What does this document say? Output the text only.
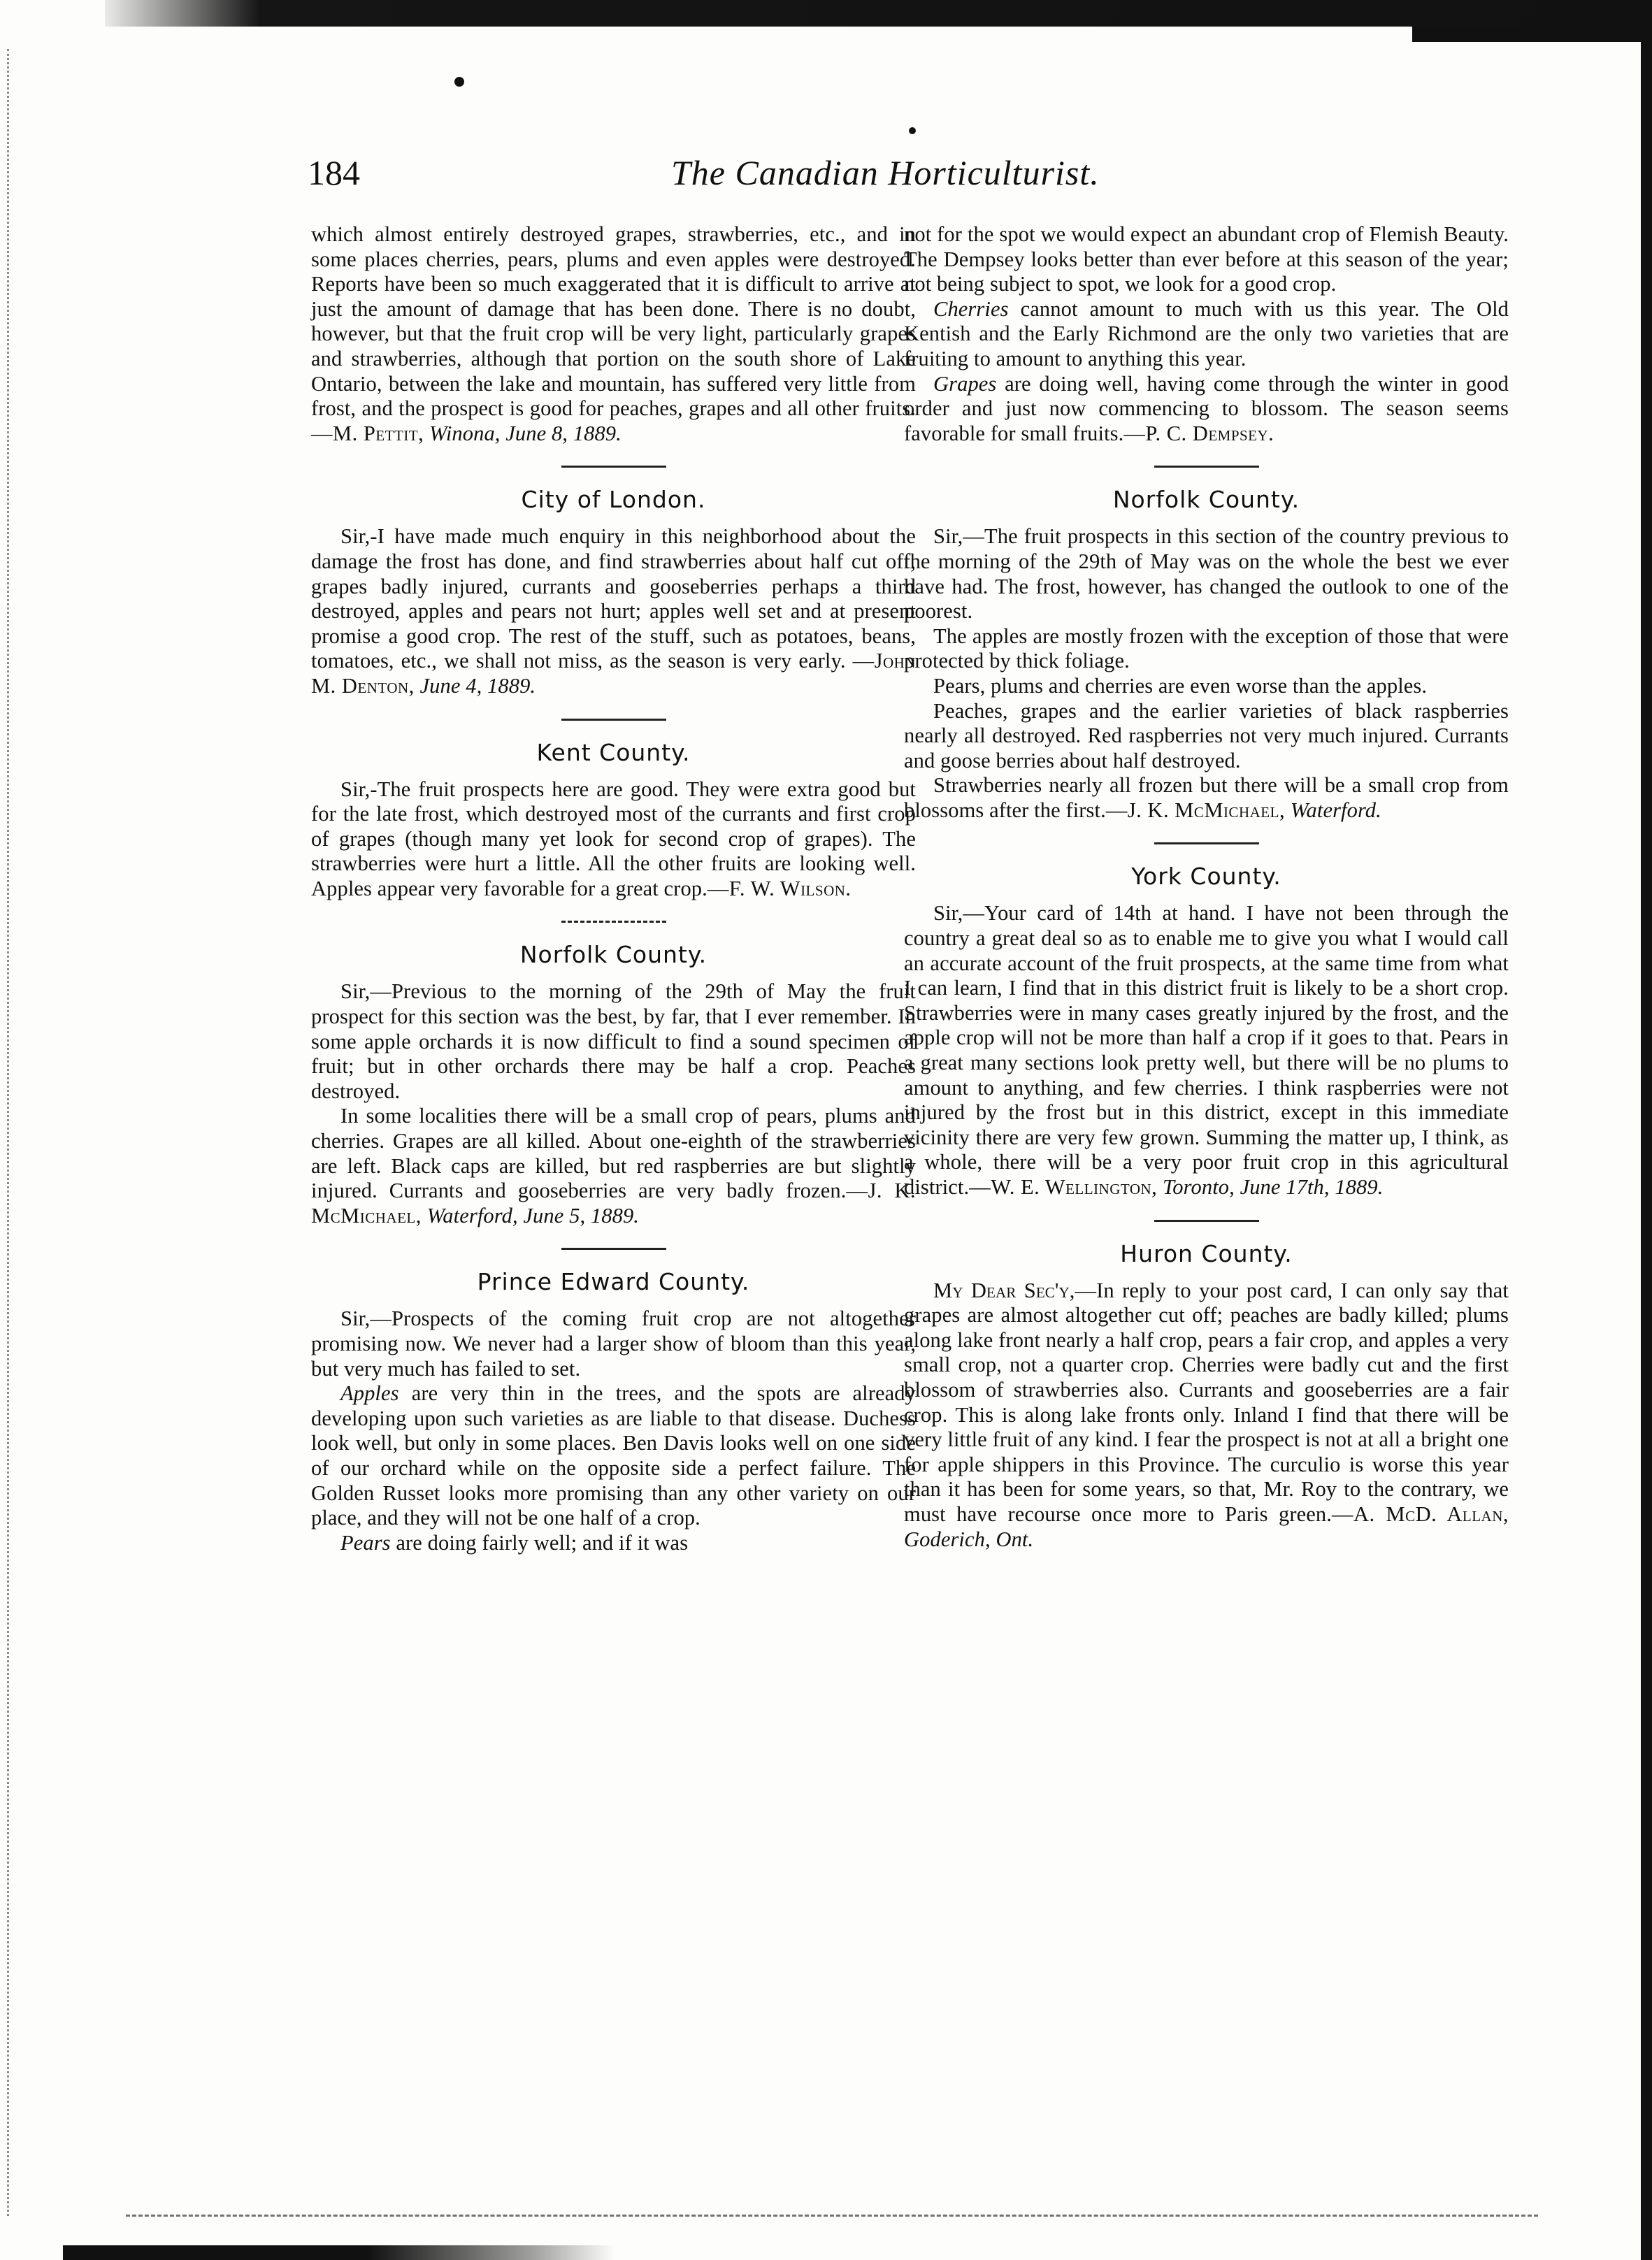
184	The Canadian Horticulturist.

which almost entirely destroyed grapes, strawberries, etc., and in some places cherries, pears, plums and even apples were destroyed. Reports have been so much exaggerated that it is difficult to arrive at just the amount of damage that has been done. There is no doubt, however, but that the fruit crop will be very light, particularly grapes and strawberries, although that portion on the south shore of Lake Ontario, between the lake and mountain, has suffered very little from frost, and the prospect is good for peaches, grapes and all other fruits. —M. Pettit, Winona, June 8, 1889.

City of London.

Sir,-I have made much enquiry in this neighborhood about the damage the frost has done, and find strawberries about half cut off, grapes badly injured, currants and gooseberries perhaps a third destroyed, apples and pears not hurt; apples well set and at present promise a good crop. The rest of the stuff, such as potatoes, beans, tomatoes, etc., we shall not miss, as the season is very early. —John M. Denton, June 4, 1889.

Kent County.

Sir,-The fruit prospects here are good. They were extra good but for the late frost, which destroyed most of the currants and first crop of grapes (though many yet look for second crop of grapes). The strawberries were hurt a little. All the other fruits are looking well. Apples appear very favorable for a great crop.—F. W. Wilson.

Norfolk County.

Sir,—Previous to the morning of the 29th of May the fruit prospect for this section was the best, by far, that I ever remember. In some apple orchards it is now difficult to find a sound specimen of fruit; but in other orchards there may be half a crop. Peaches destroyed.

In some localities there will be a small crop of pears, plums and cherries. Grapes are all killed. About one-eighth of the strawberries are left. Black caps are killed, but red raspberries are but slightly injured. Currants and gooseberries are very badly frozen.—J. K. McMichael, Waterford, June 5, 1889.

Prince Edward County.

Sir,—Prospects of the coming fruit crop are not altogether promising now. We never had a larger show of bloom than this year, but very much has failed to set.

Apples are very thin in the trees, and the spots are already developing upon such varieties as are liable to that disease. Duchess look well, but only in some places. Ben Davis looks well on one side of our orchard while on the opposite side a perfect failure. The Golden Russet looks more promising than any other variety on our place, and they will not be one half of a crop.

Pears are doing fairly well; and if it was

not for the spot we would expect an abundant crop of Flemish Beauty. The Dempsey looks better than ever before at this season of the year; not being subject to spot, we look for a good crop.

Cherries cannot amount to much with us this year. The Old Kentish and the Early Richmond are the only two varieties that are fruiting to amount to anything this year.

Grapes are doing well, having come through the winter in good order and just now commencing to blossom. The season seems favorable for small fruits.—P. C. Dempsey.

Norfolk County.

Sir,—The fruit prospects in this section of the country previous to the morning of the 29th of May was on the whole the best we ever have had. The frost, however, has changed the outlook to one of the poorest.

The apples are mostly frozen with the exception of those that were protected by thick foliage.

Pears, plums and cherries are even worse than the apples.

Peaches, grapes and the earlier varieties of black raspberries nearly all destroyed. Red raspberries not very much injured. Currants and goose berries about half destroyed.

Strawberries nearly all frozen but there will be a small crop from blossoms after the first.—J. K. McMichael, Waterford.

York County.

Sir,—Your card of 14th at hand. I have not been through the country a great deal so as to enable me to give you what I would call an accurate account of the fruit prospects, at the same time from what I can learn, I find that in this district fruit is likely to be a short crop. Strawberries were in many cases greatly injured by the frost, and the apple crop will not be more than half a crop if it goes to that. Pears in a great many sections look pretty well, but there will be no plums to amount to anything, and few cherries. I think raspberries were not injured by the frost but in this district, except in this immediate vicinity there are very few grown. Summing the matter up, I think, as a whole, there will be a very poor fruit crop in this agricultural district.—W. E. Wellington, Toronto, June 17th, 1889.

Huron County.

My Dear Sec'y,—In reply to your post card, I can only say that grapes are almost altogether cut off; peaches are badly killed; plums along lake front nearly a half crop, pears a fair crop, and apples a very small crop, not a quarter crop. Cherries were badly cut and the first blossom of strawberries also. Currants and gooseberries are a fair crop. This is along lake fronts only. Inland I find that there will be very little fruit of any kind. I fear the prospect is not at all a bright one for apple shippers in this Province. The curculio is worse this year than it has been for some years, so that, Mr. Roy to the contrary, we must have recourse once more to Paris green.—A. McD. Allan, Goderich, Ont.
